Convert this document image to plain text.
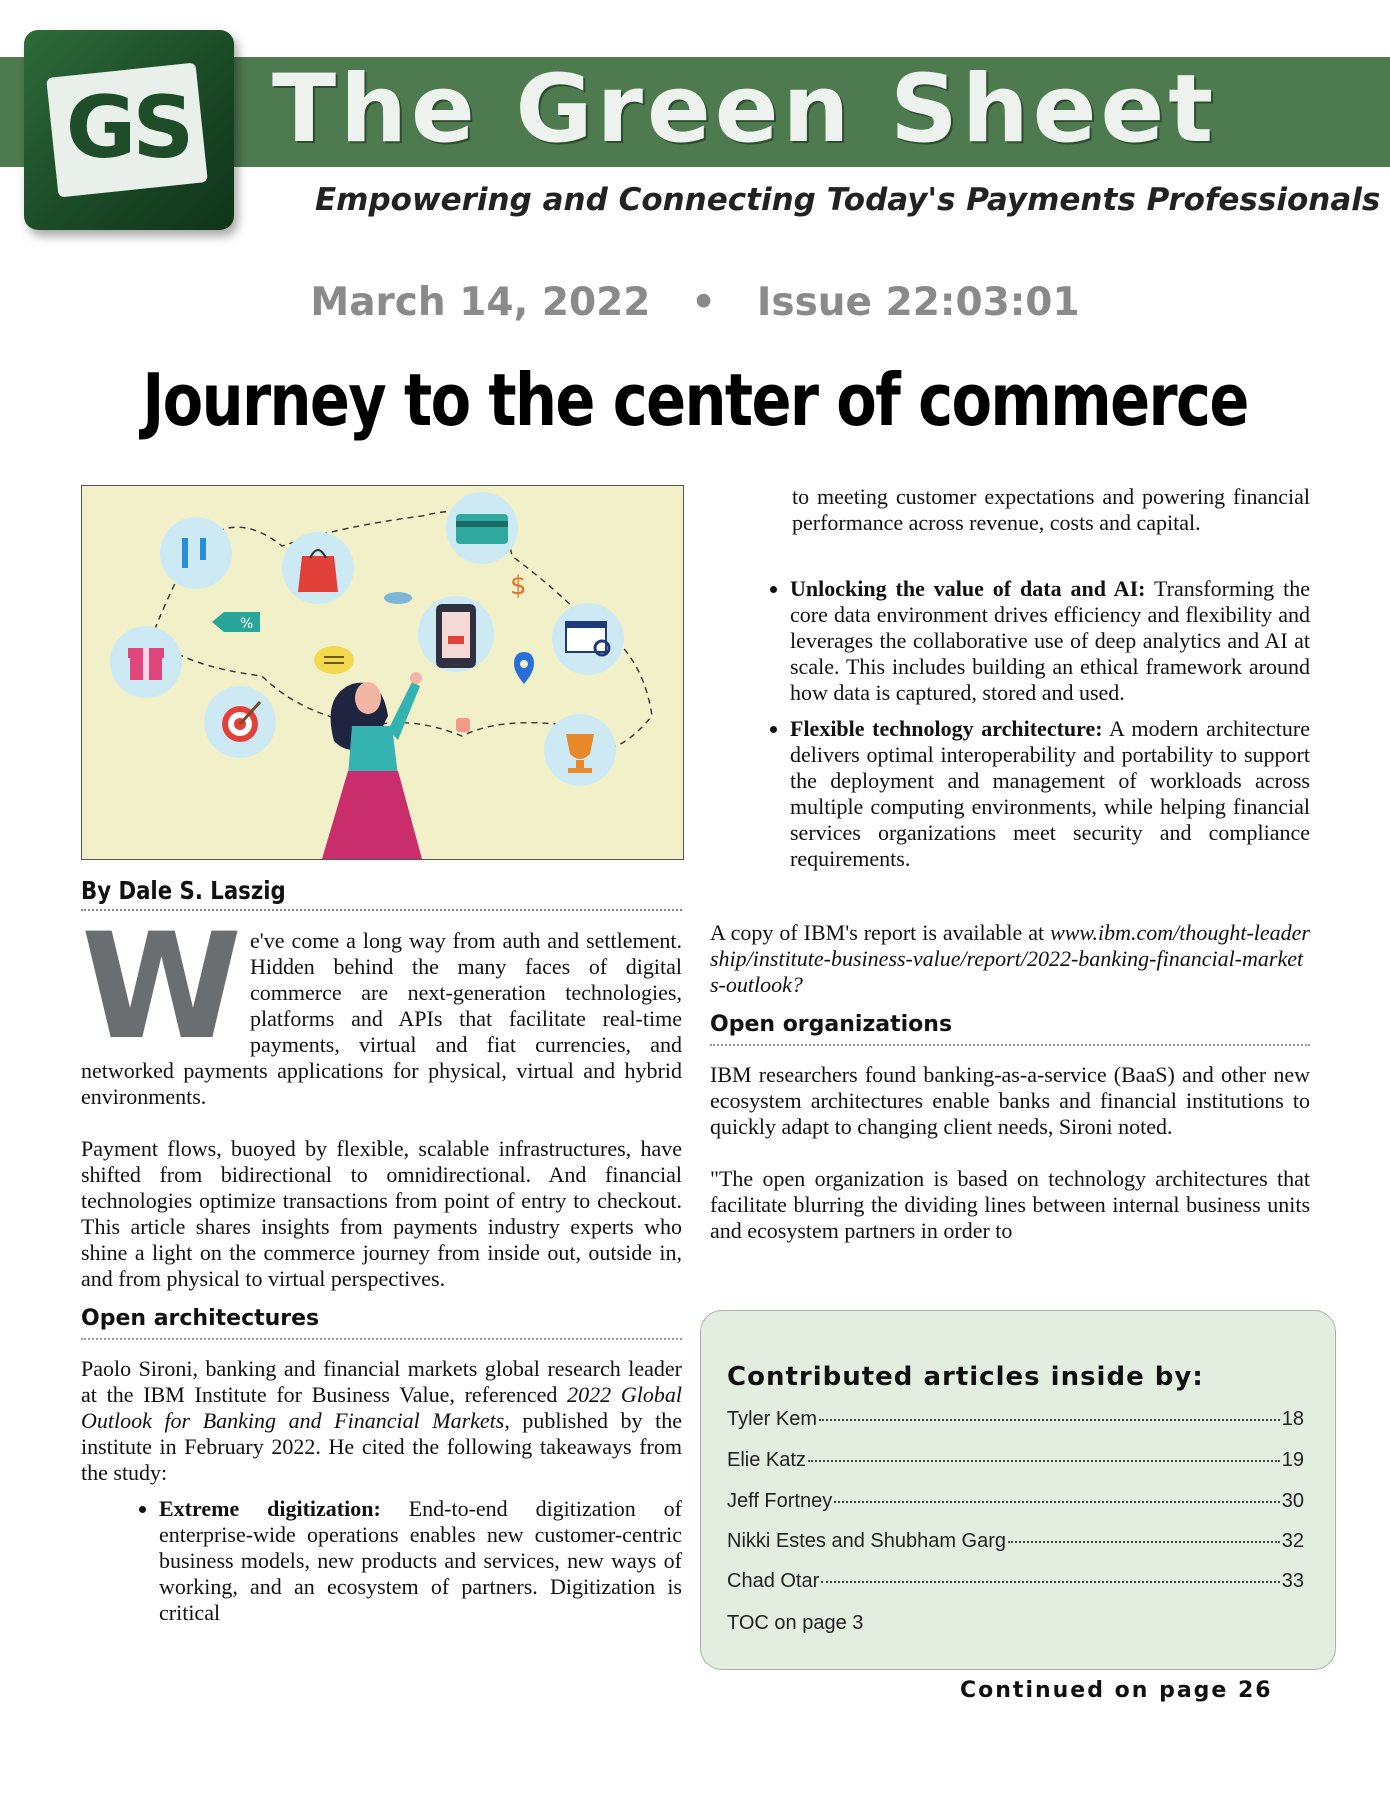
GS The Green Sheet
Empowering and Connecting Today's Payments Professionals
March 14, 2022 • Issue 22:03:01
Journey to the center of commerce
$
%
By Dale S. Laszig
W e've come a long way from auth and settlement. Hidden behind the many faces of digital commerce are next-generation technologies, platforms and APIs that facilitate real-time payments, virtual and fiat currencies, and networked payments applications for physical, virtual and hybrid environments.

Payment flows, buoyed by flexible, scalable infrastructures, have shifted from bidirectional to omnidirectional. And financial technologies optimize transactions from point of entry to checkout. This article shares insights from payments industry experts who shine a light on the commerce journey from inside out, outside in, and from physical to virtual perspectives.

Open architectures

Paolo Sironi, banking and financial markets global research leader at the IBM Institute for Business Value, referenced 2022 Global Outlook for Banking and Financial Markets, published by the institute in February 2022. He cited the following takeaways from the study:

• Extreme digitization: End-to-end digitization of enterprise-wide operations enables new customer-centric business models, new products and services, new ways of working, and an ecosystem of partners. Digitization is critical

to meeting customer expectations and powering financial performance across revenue, costs and capital.

• Unlocking the value of data and AI: Transforming the core data environment drives efficiency and flexibility and leverages the collaborative use of deep analytics and AI at scale. This includes building an ethical framework around how data is captured, stored and used.
• Flexible technology architecture: A modern architecture delivers optimal interoperability and portability to support the deployment and management of workloads across multiple computing environments, while helping financial services organizations meet security and compliance requirements.

A copy of IBM's report is available at www.ibm.com/thought-leadership/institute-business-value/report/2022-banking-financial-markets-outlook?

Open organizations

IBM researchers found banking-as-a-service (BaaS) and other new ecosystem architectures enable banks and financial institutions to quickly adapt to changing client needs, Sironi noted.

"The open organization is based on technology architectures that facilitate blurring the dividing lines between internal business units and ecosystem partners in order to

Contributed articles inside by:
Tyler Kem	18
Elie Katz	19
Jeff Fortney	30
Nikki Estes and Shubham Garg	32
Chad Otar	33
TOC on page 3
Continued on page 26
